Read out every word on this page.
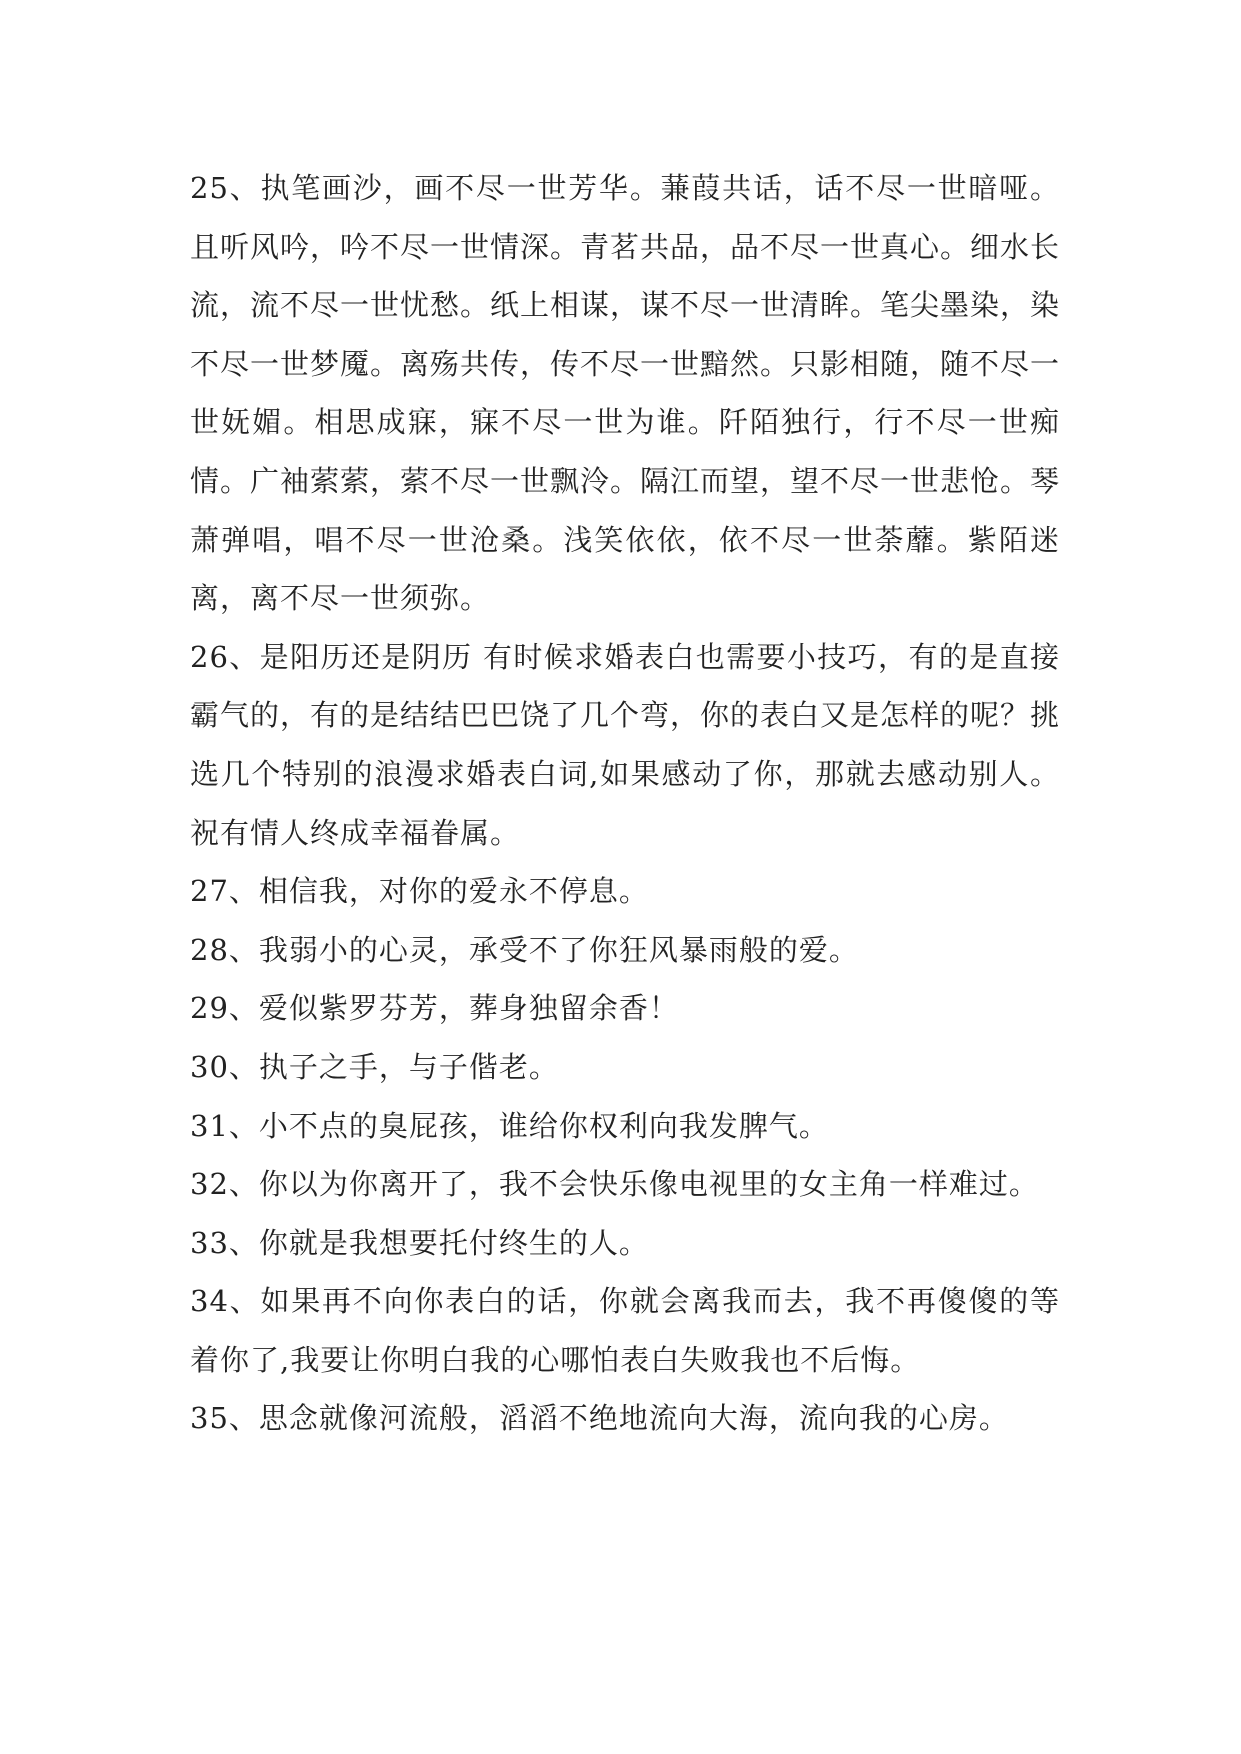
25、执笔画沙，画不尽一世芳华。蒹葭共话，话不尽一世暗哑。且听风吟，吟不尽一世情深。青茗共品，品不尽一世真心。细水长流，流不尽一世忧愁。纸上相谋，谋不尽一世清眸。笔尖墨染，染不尽一世梦魇。离殇共传，传不尽一世黯然。只影相随，随不尽一世妩媚。相思成寐，寐不尽一世为谁。阡陌独行，行不尽一世痴情。广袖萦萦，萦不尽一世飘泠。隔江而望，望不尽一世悲怆。琴萧弹唱，唱不尽一世沧桑。浅笑依依，依不尽一世荼蘼。紫陌迷离，离不尽一世须弥。

26、是阳历还是阴历 有时候求婚表白也需要小技巧，有的是直接霸气的，有的是结结巴巴饶了几个弯，你的表白又是怎样的呢？挑选几个特别的浪漫求婚表白词,如果感动了你，那就去感动别人。祝有情人终成幸福眷属。

27、相信我，对你的爱永不停息。

28、我弱小的心灵，承受不了你狂风暴雨般的爱。

29、爱似紫罗芬芳，葬身独留余香！

30、执子之手，与子偕老。

31、小不点的臭屁孩，谁给你权利向我发脾气。

32、你以为你离开了，我不会快乐像电视里的女主角一样难过。

33、你就是我想要托付终生的人。

34、如果再不向你表白的话，你就会离我而去，我不再傻傻的等着你了,我要让你明白我的心哪怕表白失败我也不后悔。

35、思念就像河流般，滔滔不绝地流向大海，流向我的心房。
